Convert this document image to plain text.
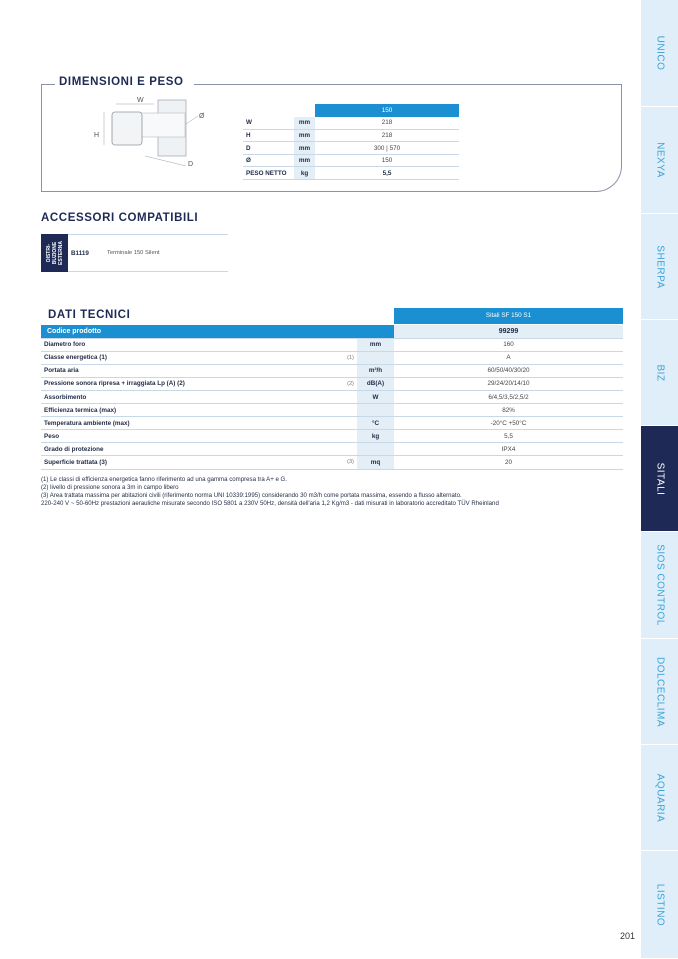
UNICO
NEXYA
SHERPA
BIZ
SITALI
SIOS CONTROL
DOLCECLIMA
AQUARIA
LISTINO
DIMENSIONI E PESO
W
H
D
Ø
		150
W	mm	218
H	mm	218
D	mm	300 | 570
Ø	mm	150
PESO NETTO	kg	5,5
ACCESSORI COMPATIBILI
DISTRI- BUZIONE ESTERNA B1119	Terminale 150 Silent
DATI TECNICI	Sitali SF 150 S1
Codice prodotto			99299
Diametro foro		mm	160
Classe energetica (1)	(1)		A
Portata aria		m³/h	60/50/40/30/20
Pressione sonora ripresa + irraggiata Lp (A) (2)	(2)	dB(A)	29/24/20/14/10
Assorbimento		W	6/4,5/3,5/2,5/2
Efficienza termica (max)			82%
Temperatura ambiente (max)		°C	-20°C +50°C
Peso		kg	5,5
Grado di protezione			IPX4
Superficie trattata (3)	(3)	mq	20
(1) Le classi di efficienza energetica fanno riferimento ad una gamma compresa tra A+ e G.
(2) livello di pressione sonora a 3m in campo libero
(3) Area trattata massima per abitazioni civili (riferimento norma UNI 10339:1995) considerando 30 m3/h come portata massima, essendo a flusso alternato.
220-240 V ~ 50-60Hz prestazioni aerauliche misurate secondo ISO 5801 a 230V 50Hz, densità dell'aria 1,2 Kg/m3 - dati misurati in laboratorio accreditato TÜV Rheinland
201
